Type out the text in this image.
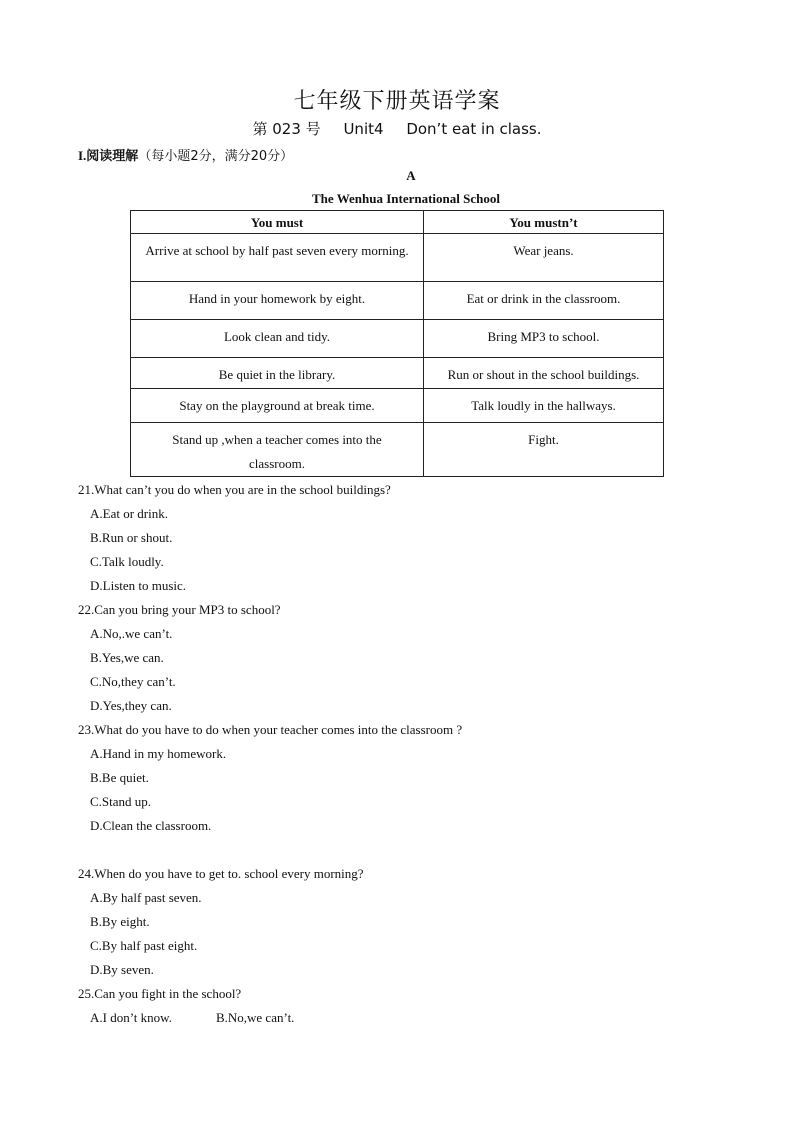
七年级下册英语学案
第 023 号 Unit4 Don’t eat in class.
I.阅读理解（每小题2分，满分20分）
A
The Wenhua International School
You must	You mustn’t
Arrive at school by half past seven every morning.	Wear jeans.
Hand in your homework by eight.	Eat or drink in the classroom.
Look clean and tidy.	Bring MP3 to school.
Be quiet in the library.	Run or shout in the school buildings.
Stay on the playground at break time.	Talk loudly in the hallways.
Stand up ,when a teacher comes into the classroom.	Fight.

21.What can’t you do when you are in the school buildings?

A.Eat or drink.

B.Run or shout.

C.Talk loudly.

D.Listen to music.

22.Can you bring your MP3 to school?

A.No,.we can’t.

B.Yes,we can.

C.No,they can’t.

D.Yes,they can.

23.What do you have to do when your teacher comes into the classroom ?

A.Hand in my homework.

B.Be quiet.

C.Stand up.

D.Clean the classroom.

24.When do you have to get to. school every morning?

A.By half past seven.

B.By eight.

C.By half past eight.

D.By seven.

25.Can you fight in the school?

A.I don’t know.	B.No,we can’t.
